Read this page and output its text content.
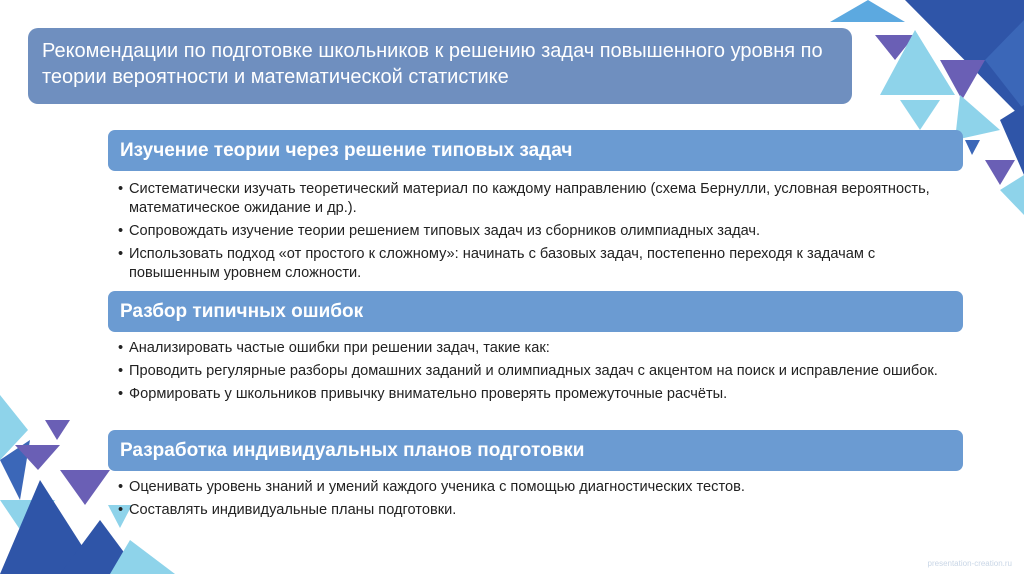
Рекомендации по подготовке школьников к решению задач повышенного уровня по теории вероятности и математической статистике
Изучение теории через решение типовых задач
• Систематически изучать теоретический материал по каждому направлению (схема Бернулли, условная вероятность, математическое ожидание и др.).
• Сопровождать изучение теории решением типовых задач из сборников олимпиадных задач.
• Использовать подход «от простого к сложному»: начинать с базовых задач, постепенно переходя к задачам с повышенным уровнем сложности.
Разбор типичных ошибок
• Анализировать частые ошибки при решении задач, такие как:
• Проводить регулярные разборы домашних заданий и олимпиадных задач с акцентом на поиск и исправление ошибок.
• Формировать у школьников привычку внимательно проверять промежуточные расчёты.
Разработка индивидуальных планов подготовки
• Оценивать уровень знаний и умений каждого ученика с помощью диагностических тестов.
• Составлять индивидуальные планы подготовки.
presentation-creation.ru
